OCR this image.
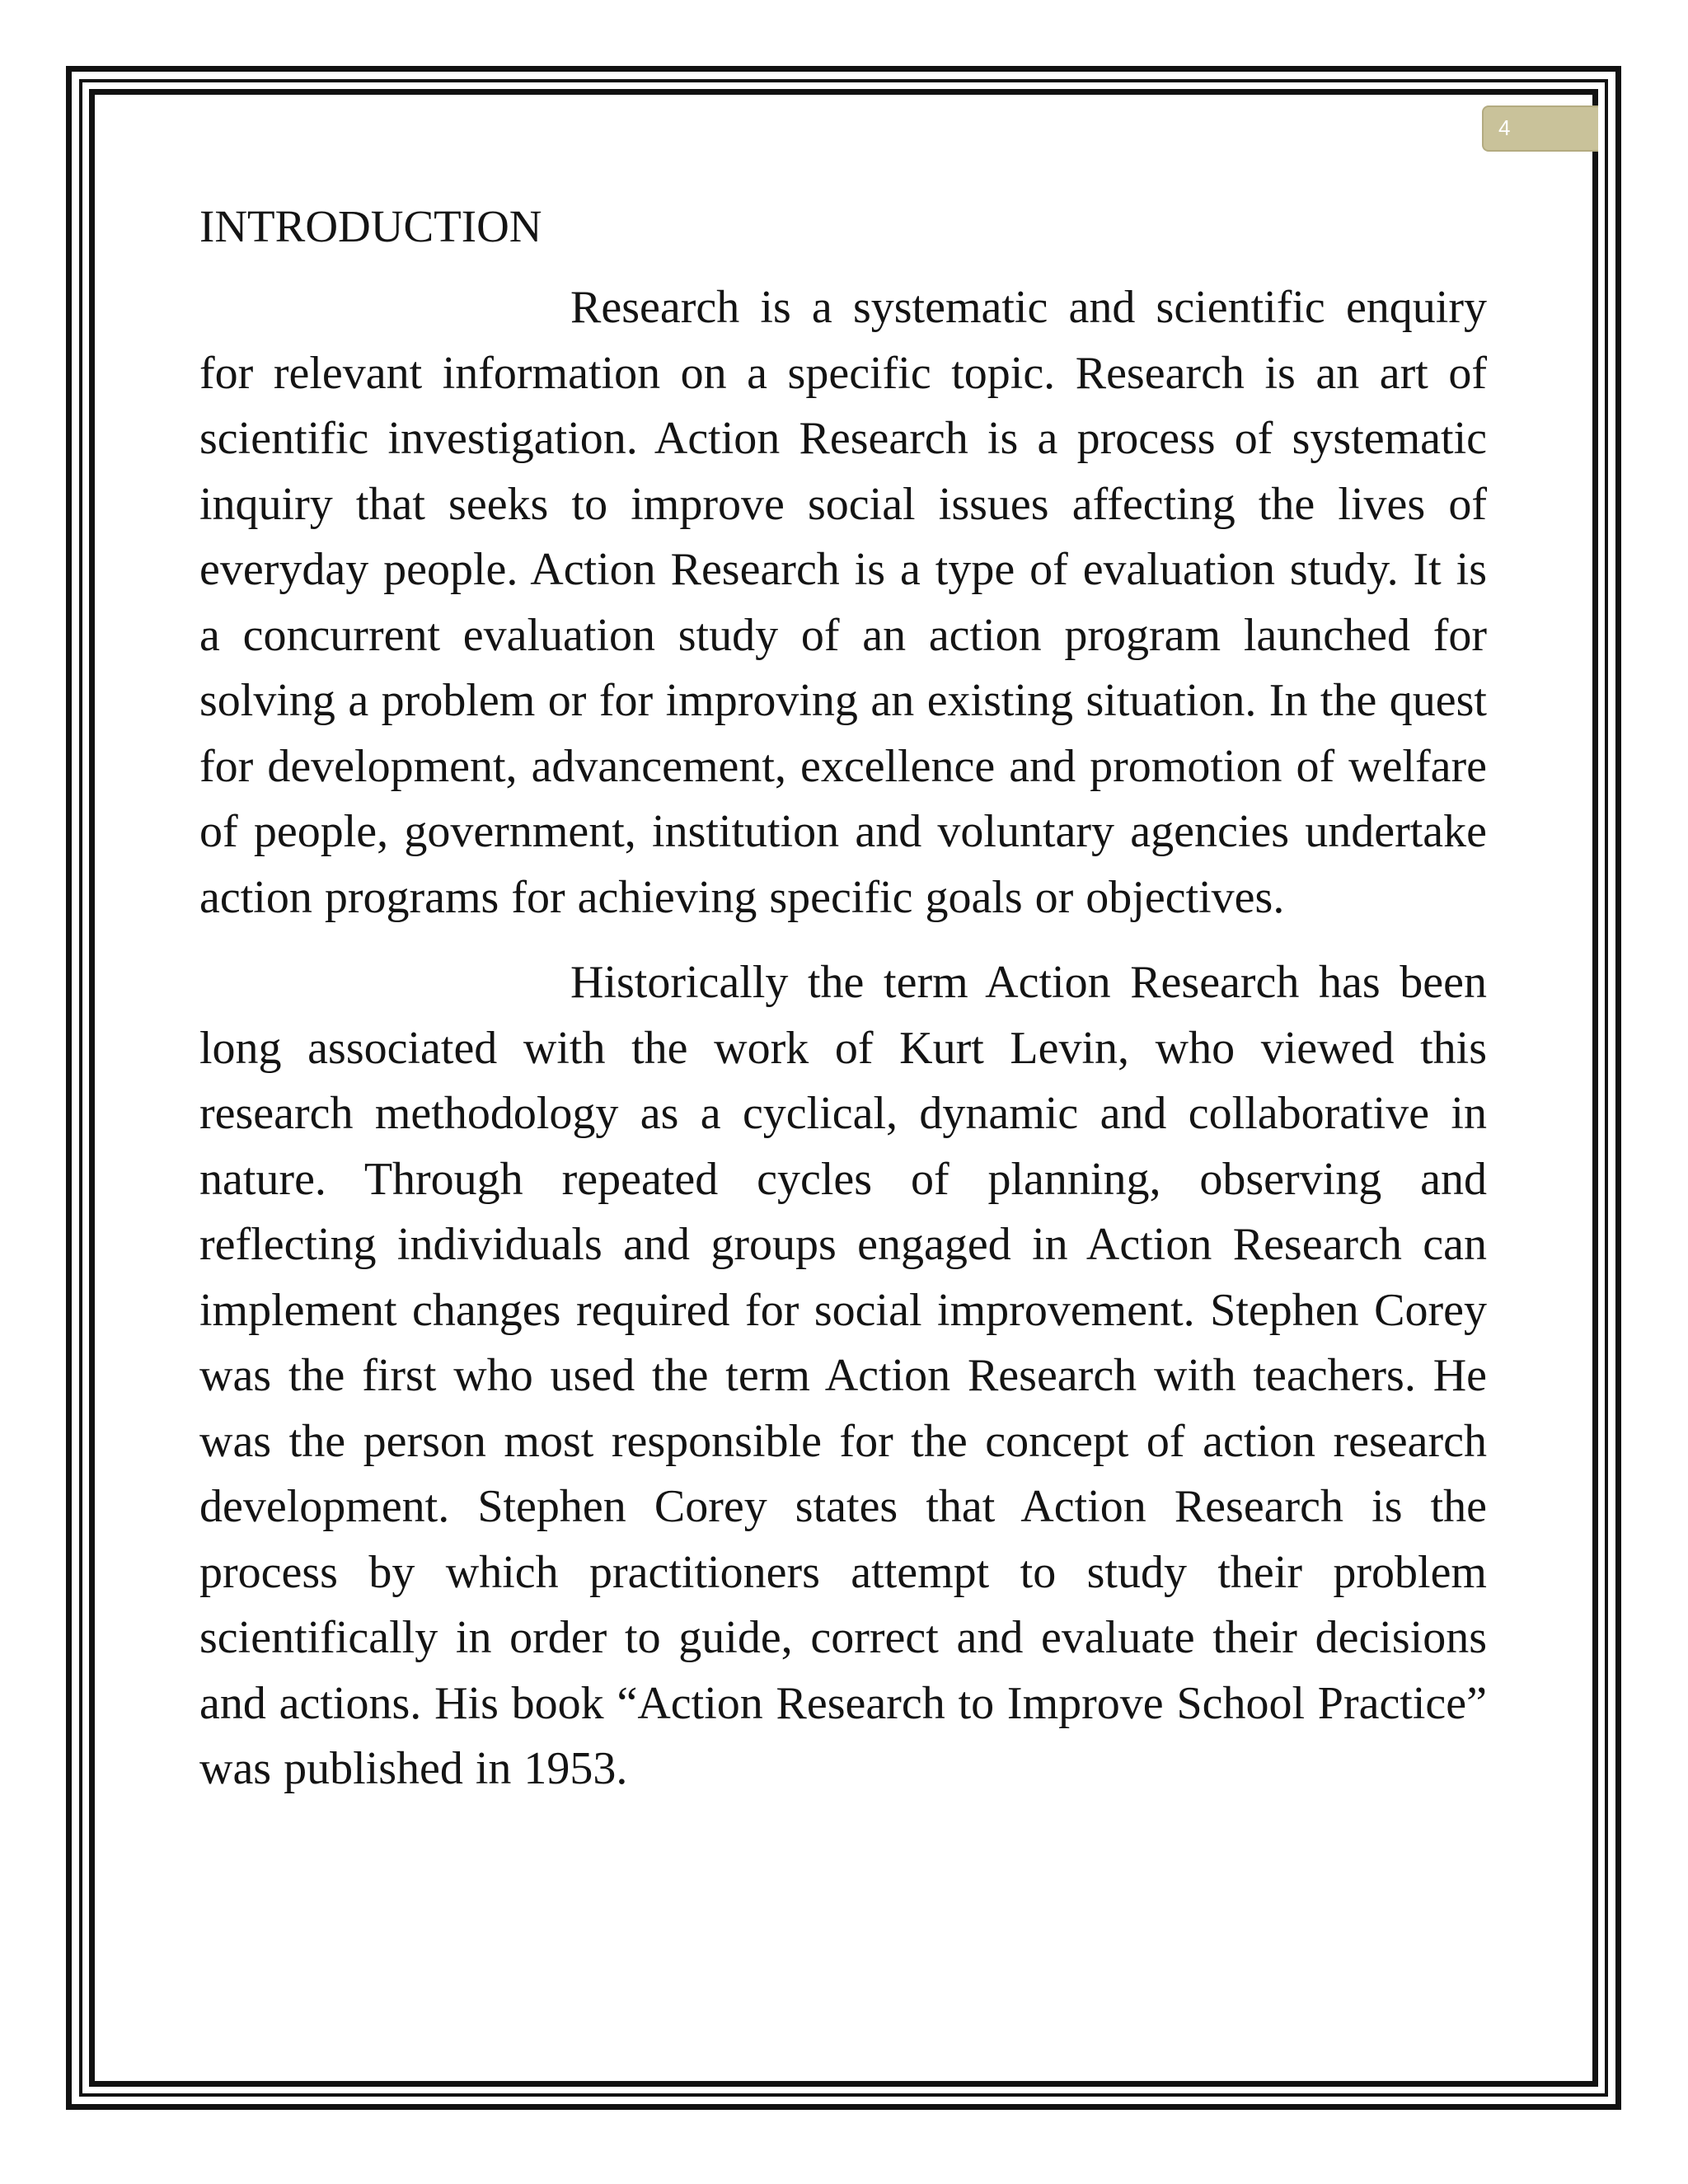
4
INTRODUCTION

Research is a systematic and scientific enquiry for relevant information on a specific topic. Research is an art of scientific investigation. Action Research is a process of systematic inquiry that seeks to improve social issues affecting the lives of everyday people. Action Research is a type of evaluation study. It is a concurrent evaluation study of an action program launched for solving a problem or for improving an existing situation. In the quest for development, advancement, excellence and promotion of welfare of people, government, institution and voluntary agencies undertake action programs for achieving specific goals or objectives.

Historically the term Action Research has been long associated with the work of Kurt Levin, who viewed this research methodology as a cyclical, dynamic and collaborative in nature. Through repeated cycles of planning, observing and reflecting individuals and groups engaged in Action Research can implement changes required for social improvement. Stephen Corey was the first who used the term Action Research with teachers. He was the person most responsible for the concept of action research development. Stephen Corey states that Action Research is the process by which practitioners attempt to study their problem scientifically in order to guide, correct and evaluate their decisions and actions. His book “Action Research to Improve School Practice” was published in 1953.
